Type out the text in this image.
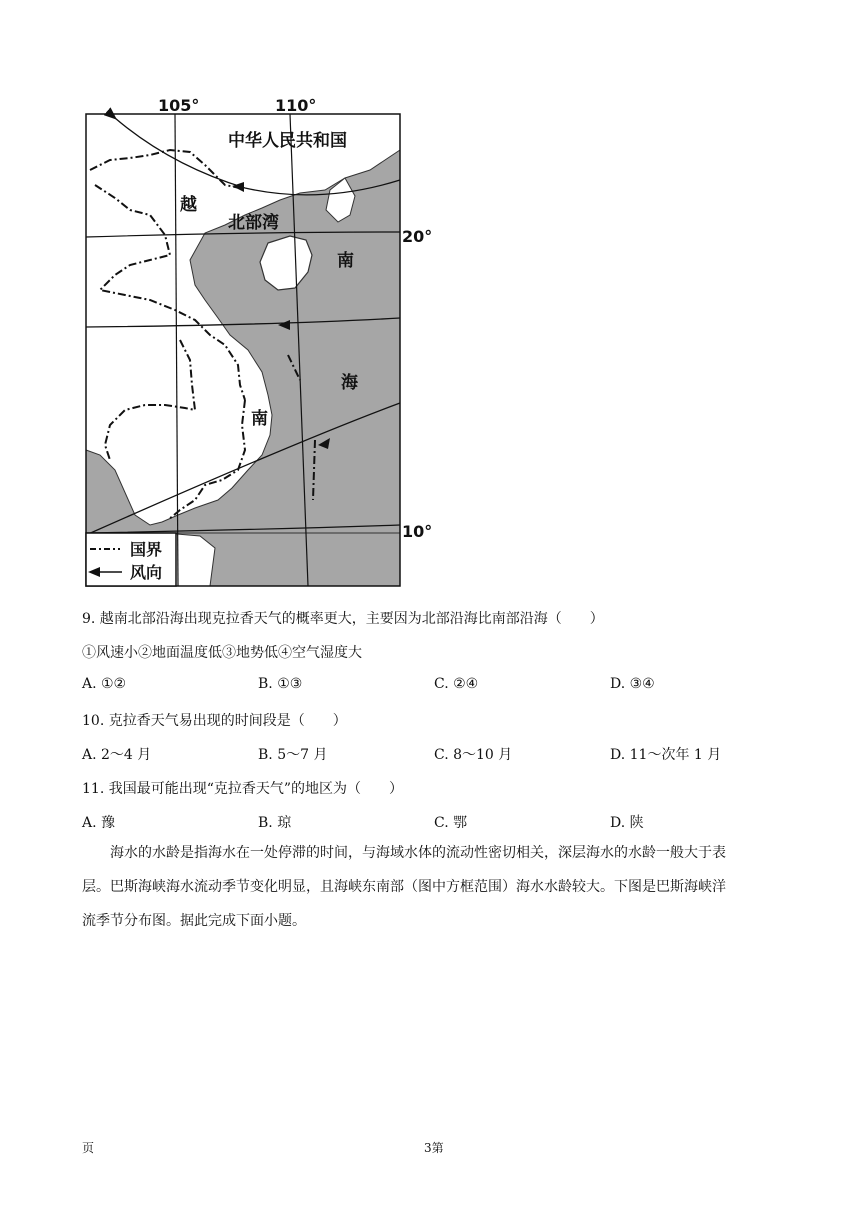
国界
风向
105°	110°
20°
10°
中华人民共和国
越
北部湾
南
海
南
9. 越南北部沿海出现克拉香天气的概率更大，主要因为北部沿海比南部沿海（　　）
①风速小②地面温度低③地势低④空气湿度大
A. ①②	B. ①③	C. ②④	D. ③④
10. 克拉香天气易出现的时间段是（　　）
A. 2～4 月	B. 5～7 月	C. 8～10 月	D. 11～次年 1 月
11. 我国最可能出现“克拉香天气”的地区为（　　）
A. 豫	B. 琼	C. 鄂	D. 陕
海水的水龄是指海水在一处停滞的时间，与海域水体的流动性密切相关，深层海水的水龄一般大于表
层。巴斯海峡海水流动季节变化明显，且海峡东南部（图中方框范围）海水水龄较大。下图是巴斯海峡洋
流季节分布图。据此完成下面小题。
页	3第
